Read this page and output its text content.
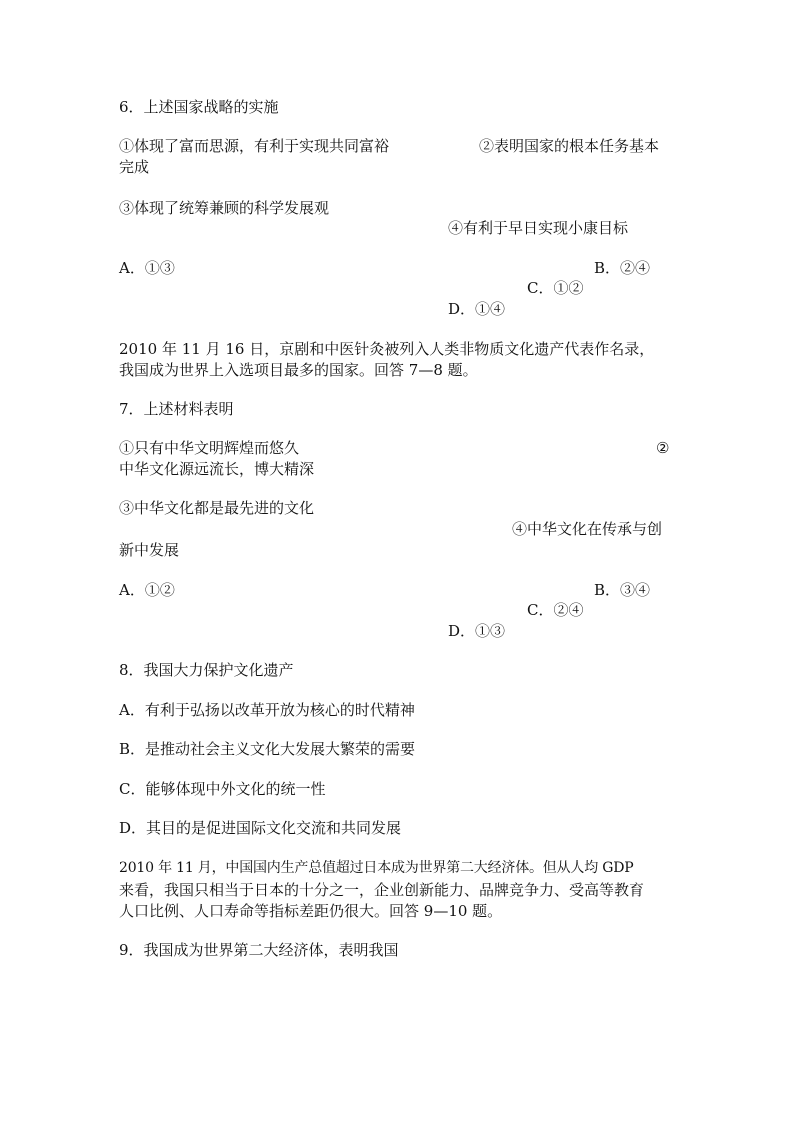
6．上述国家战略的实施
①体现了富而思源，有利于实现共同富裕	②表明国家的根本任务基本
完成
③体现了统筹兼顾的科学发展观
④有利于早日实现小康目标
A．①③	B．②④
C．①②
D．①④
2010 年 11 月 16 日，京剧和中医针灸被列入人类非物质文化遗产代表作名录，
我国成为世界上入选项目最多的国家。回答 7—8 题。
7．上述材料表明
①只有中华文明辉煌而悠久	②
中华文化源远流长，博大精深
③中华文化都是最先进的文化
④中华文化在传承与创
新中发展
A．①②	B．③④
C．②④
D．①③
8．我国大力保护文化遗产
A．有利于弘扬以改革开放为核心的时代精神
B．是推动社会主义文化大发展大繁荣的需要
C．能够体现中外文化的统一性
D．其目的是促进国际文化交流和共同发展
2010 年 11 月，中国国内生产总值超过日本成为世界第二大经济体。但从人均 GDP
来看，我国只相当于日本的十分之一，企业创新能力、品牌竞争力、受高等教育
人口比例、人口寿命等指标差距仍很大。回答 9—10 题。
9．我国成为世界第二大经济体，表明我国
